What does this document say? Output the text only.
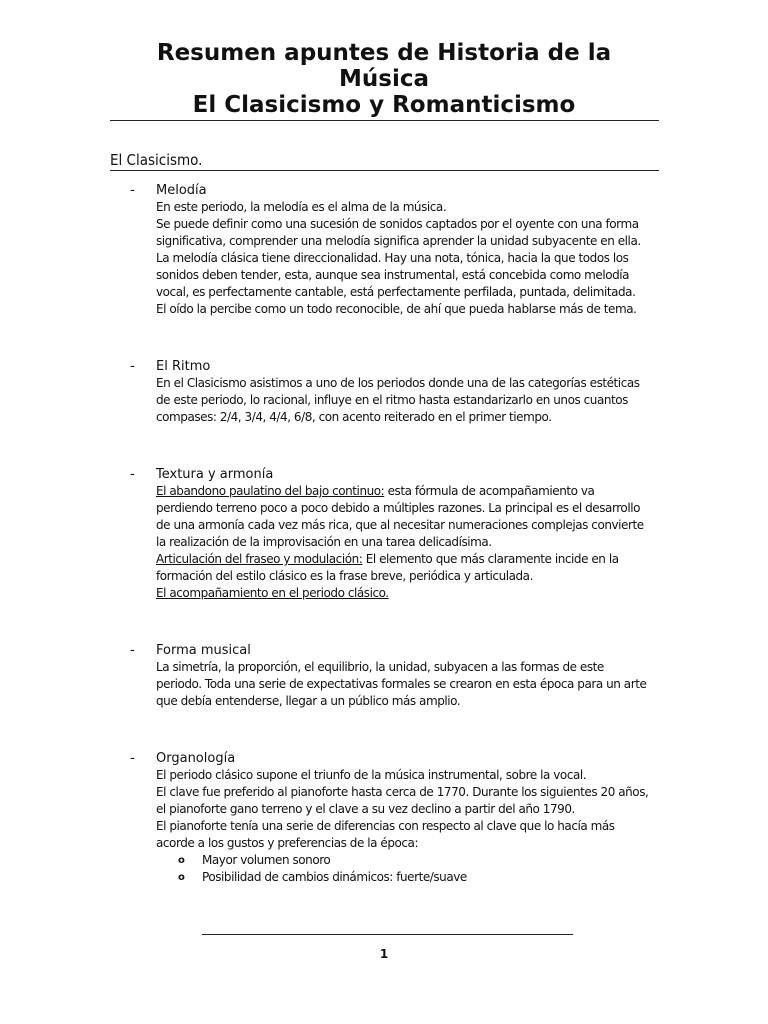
Resumen apuntes de Historia de la

Música

El Clasicismo y Romanticismo

El Clasicismo.
- Melodía

En este periodo, la melodía es el alma de la música.

Se puede definir como una sucesión de sonidos captados por el oyente con una forma

significativa, comprender una melodía significa aprender la unidad subyacente en ella.

La melodía clásica tiene direccionalidad. Hay una nota, tónica, hacia la que todos los

sonidos deben tender, esta, aunque sea instrumental, está concebida como melodía

vocal, es perfectamente cantable, está perfectamente perfilada, puntada, delimitada.

El oído la percibe como un todo reconocible, de ahí que pueda hablarse más de tema.

- El Ritmo

En el Clasicismo asistimos a uno de los periodos donde una de las categorías estéticas

de este periodo, lo racional, influye en el ritmo hasta estandarizarlo en unos cuantos

compases: 2/4, 3/4, 4/4, 6/8, con acento reiterado en el primer tiempo.

- Textura y armonía

El abandono paulatino del bajo continuo: esta fórmula de acompañamiento va

perdiendo terreno poco a poco debido a múltiples razones. La principal es el desarrollo

de una armonía cada vez más rica, que al necesitar numeraciones complejas convierte

la realización de la improvisación en una tarea delicadísima.

Articulación del fraseo y modulación: El elemento que más claramente incide en la

formación del estilo clásico es la frase breve, periódica y articulada.

El acompañamiento en el periodo clásico.

- Forma musical

La simetría, la proporción, el equilibrio, la unidad, subyacen a las formas de este

periodo. Toda una serie de expectativas formales se crearon en esta época para un arte

que debía entenderse, llegar a un público más amplio.

- Organología

El periodo clásico supone el triunfo de la música instrumental, sobre la vocal.

El clave fue preferido al pianoforte hasta cerca de 1770. Durante los siguientes 20 años,

el pianoforte gano terreno y el clave a su vez declino a partir del año 1790.

El pianoforte tenía una serie de diferencias con respecto al clave que lo hacía más

acorde a los gustos y preferencias de la época:

o Mayor volumen sonoro
o Posibilidad de cambios dinámicos: fuerte/suave
1
